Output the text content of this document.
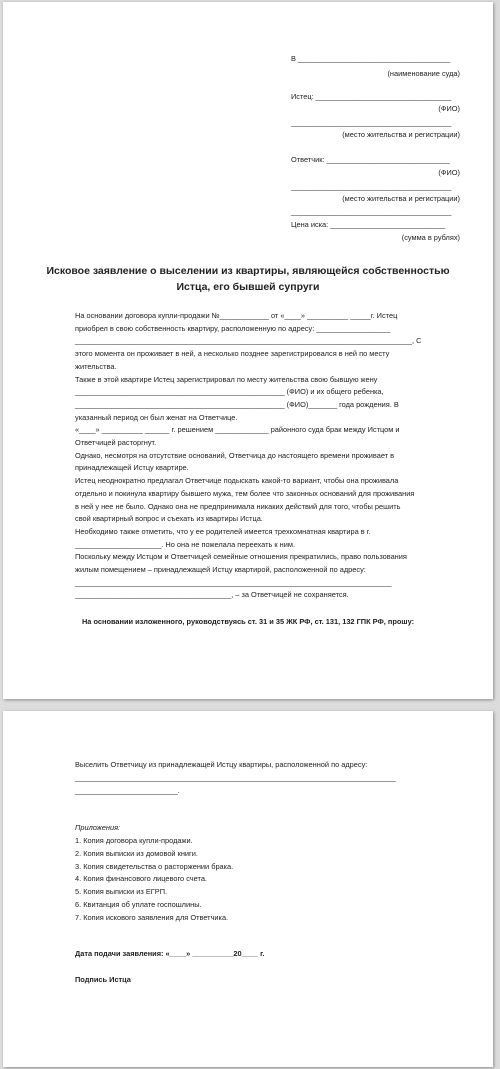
В _____________________________________
(наименование суда)
Истец: _________________________________
(ФИО)
_______________________________________
(место жительства и регистрации)
Ответчик: ______________________________
(ФИО)
_______________________________________
(место жительства и регистрации)
_______________________________________
Цена иска: ____________________________
(сумма в рублях)
Исковое заявление о выселении из квартиры, являющейся собственностью
Истца, его бывшей супруги
На основании договора купли-продажи №____________ от «____» __________ _____г. Истец
приобрел в свою собственность квартиру, расположенную по адресу: __________________
__________________________________________________________________________________, С
этого момента он проживает в ней, а несколько позднее зарегистрировался в ней по месту
жительства.
Также в этой квартире Истец зарегистрировал по месту жительства свою бывшую жену
___________________________________________________ (ФИО) и их общего ребенка,
___________________________________________________ (ФИО)_______ года рождения. В
указанный период он был женат на Ответчице.
«____» __________ ______ г. решением _____________ районного суда брак между Истцом и
Ответчицей расторгнут.
Однако, несмотря на отсутствие оснований, Ответчица до настоящего времени проживает в
принадлежащей Истцу квартире.
Истец неоднократно предлагал Ответчице подыскать какой-то вариант, чтобы она проживала
отдельно и покинула квартиру бывшего мужа, тем более что законных оснований для проживания
в ней у нее не было. Однако она не предпринимала никаких действий для того, чтобы решить
свой квартирный вопрос и съехать из квартиры Истца.
Необходимо также отметить, что у ее родителей имеется трехкомнатная квартира в г.
_____________________. Но она не пожелала переехать к ним.
Поскольку между Истцом и Ответчицей семейные отношения прекратились, право пользования
жилым помещением – принадлежащей Истцу квартирой, расположенной по адресу:
_____________________________________________________________________________
______________________________________, – за Ответчицей не сохраняется.
На основании изложенного, руководствуясь ст. 31 и 35 ЖК РФ, ст. 131, 132 ГПК РФ, прошу:
Выселить Ответчицу из принадлежащей Истцу квартиры, расположенной по адресу:
______________________________________________________________________________
_________________________.
Приложения:
1. Копия договора купли-продажи.
2. Копия выписки из домовой книги.
3. Копия свидетельства о расторжении брака.
4. Копия финансового лицевого счета.
5. Копия выписки из ЕГРП.
6. Квитанция об уплате госпошлины.
7. Копия искового заявления для Ответчика.
Дата подачи заявления: «____» __________20____ г.
Подпись Истца
